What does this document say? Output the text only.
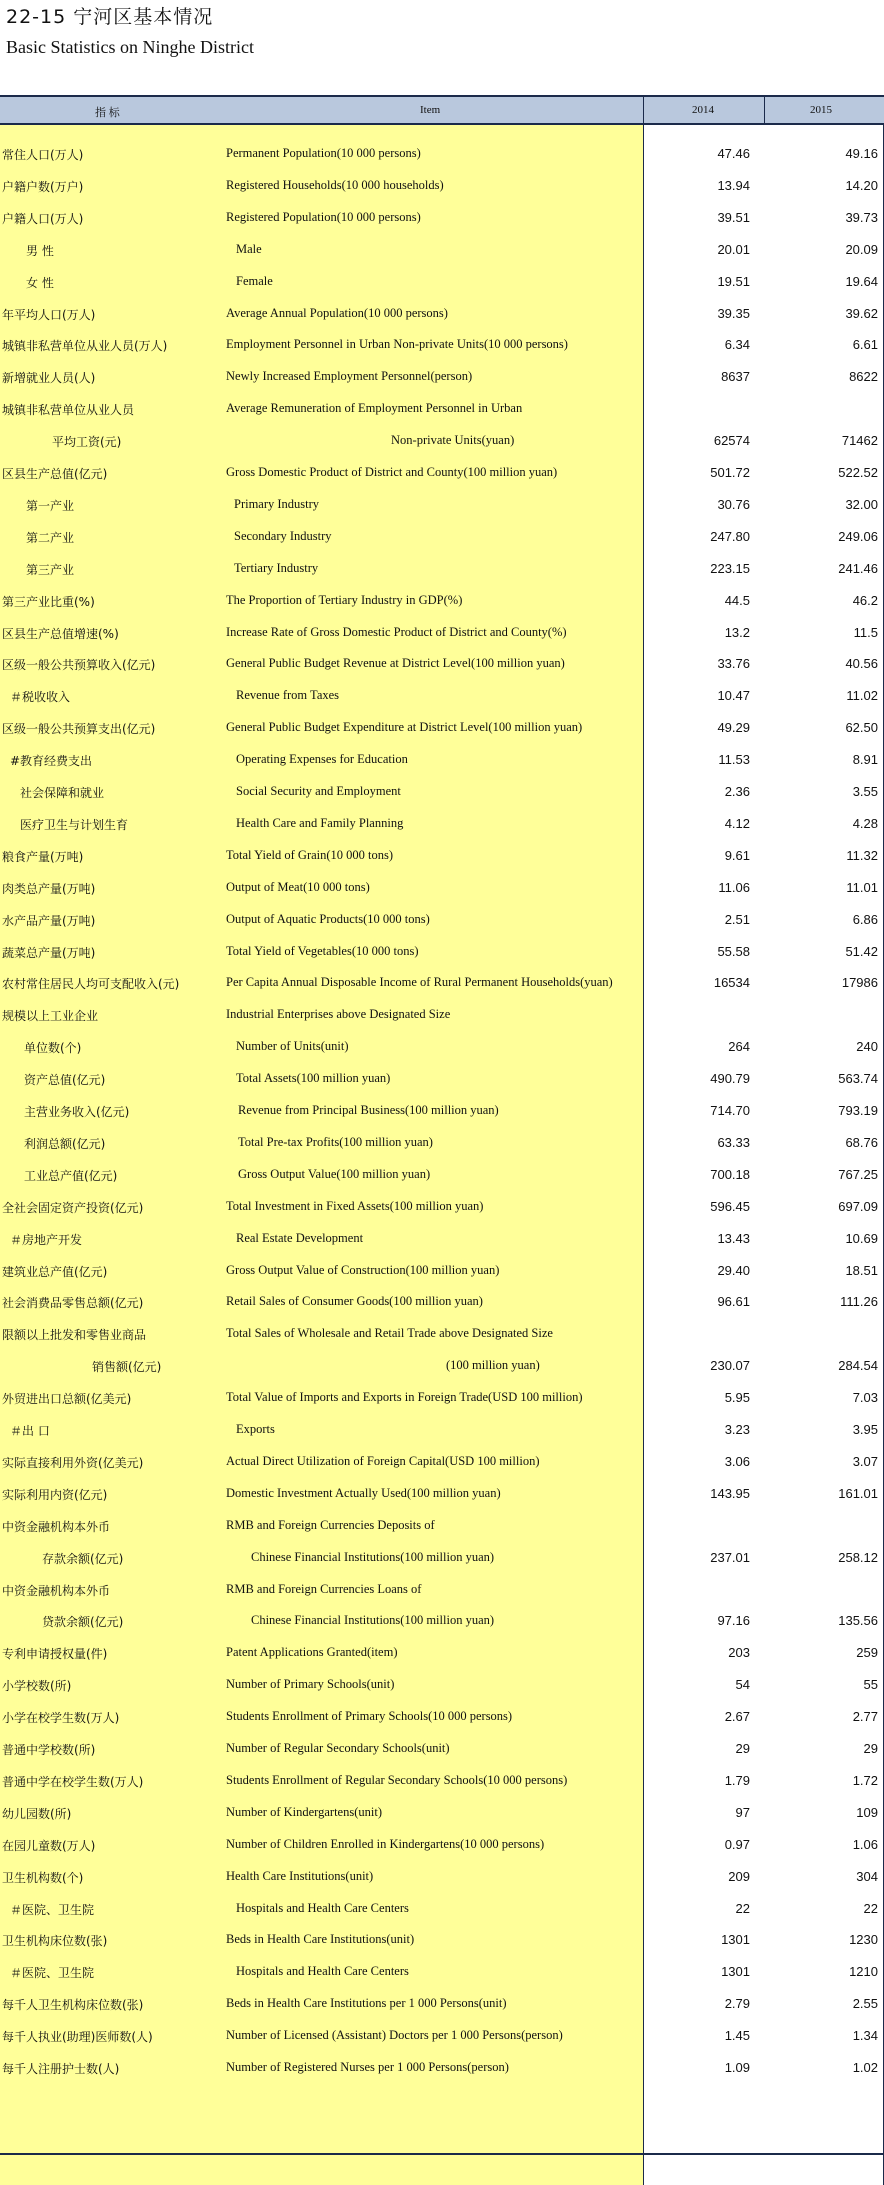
22-15 宁河区基本情况
Basic Statistics on Ninghe District
指 标	Item	2014	2015
常住人口(万人)	Permanent Population(10 000 persons)	47.46	49.16
户籍户数(万户)	Registered Households(10 000 households)	13.94	14.20
户籍人口(万人)	Registered Population(10 000 persons)	39.51	39.73
男 性	Male	20.01	20.09
女 性	Female	19.51	19.64
年平均人口(万人)	Average Annual Population(10 000 persons)	39.35	39.62
城镇非私营单位从业人员(万人)	Employment Personnel in Urban Non-private Units(10 000 persons)	6.34	6.61
新增就业人员(人)	Newly Increased Employment Personnel(person)	8637	8622
城镇非私营单位从业人员	Average Remuneration of Employment Personnel in Urban
平均工资(元)	Non-private Units(yuan)	62574	71462
区县生产总值(亿元)	Gross Domestic Product of District and County(100 million yuan)	501.72	522.52
第一产业	Primary Industry	30.76	32.00
第二产业	Secondary Industry	247.80	249.06
第三产业	Tertiary Industry	223.15	241.46
第三产业比重(%)	The Proportion of Tertiary Industry in GDP(%)	44.5	46.2
区县生产总值增速(%)	Increase Rate of Gross Domestic Product of District and County(%)	13.2	11.5
区级一般公共预算收入(亿元)	General Public Budget Revenue at District Level(100 million yuan)	33.76	40.56
＃税收收入	Revenue from Taxes	10.47	11.02
区级一般公共预算支出(亿元)	General Public Budget Expenditure at District Level(100 million yuan)	49.29	62.50
#教育经费支出	Operating Expenses for Education	11.53	8.91
社会保障和就业	Social Security and Employment	2.36	3.55
医疗卫生与计划生育	Health Care and Family Planning	4.12	4.28
粮食产量(万吨)	Total Yield of Grain(10 000 tons)	9.61	11.32
肉类总产量(万吨)	Output of Meat(10 000 tons)	11.06	11.01
水产品产量(万吨)	Output of Aquatic Products(10 000 tons)	2.51	6.86
蔬菜总产量(万吨)	Total Yield of Vegetables(10 000 tons)	55.58	51.42
农村常住居民人均可支配收入(元)	Per Capita Annual Disposable Income of Rural Permanent Households(yuan)	16534	17986
规模以上工业企业	Industrial Enterprises above Designated Size
单位数(个)	Number of Units(unit)	264	240
资产总值(亿元)	Total Assets(100 million yuan)	490.79	563.74
主营业务收入(亿元)	Revenue from Principal Business(100 million yuan)	714.70	793.19
利润总额(亿元)	Total Pre-tax Profits(100 million yuan)	63.33	68.76
工业总产值(亿元)	Gross Output Value(100 million yuan)	700.18	767.25
全社会固定资产投资(亿元)	Total Investment in Fixed Assets(100 million yuan)	596.45	697.09
＃房地产开发	Real Estate Development	13.43	10.69
建筑业总产值(亿元)	Gross Output Value of Construction(100 million yuan)	29.40	18.51
社会消费品零售总额(亿元)	Retail Sales of Consumer Goods(100 million yuan)	96.61	111.26
限额以上批发和零售业商品	Total Sales of Wholesale and Retail Trade above Designated Size
销售额(亿元)	(100 million yuan)	230.07	284.54
外贸进出口总额(亿美元)	Total Value of Imports and Exports in Foreign Trade(USD 100 million)	5.95	7.03
＃出 口	Exports	3.23	3.95
实际直接利用外资(亿美元)	Actual Direct Utilization of Foreign Capital(USD 100 million)	3.06	3.07
实际利用内资(亿元)	Domestic Investment Actually Used(100 million yuan)	143.95	161.01
中资金融机构本外币	RMB and Foreign Currencies Deposits of
存款余额(亿元)	Chinese Financial Institutions(100 million yuan)	237.01	258.12
中资金融机构本外币	RMB and Foreign Currencies Loans of
贷款余额(亿元)	Chinese Financial Institutions(100 million yuan)	97.16	135.56
专利申请授权量(件)	Patent Applications Granted(item)	203	259
小学校数(所)	Number of Primary Schools(unit)	54	55
小学在校学生数(万人)	Students Enrollment of Primary Schools(10 000 persons)	2.67	2.77
普通中学校数(所)	Number of Regular Secondary Schools(unit)	29	29
普通中学在校学生数(万人)	Students Enrollment of Regular Secondary Schools(10 000 persons)	1.79	1.72
幼儿园数(所)	Number of Kindergartens(unit)	97	109
在园儿童数(万人)	Number of Children Enrolled in Kindergartens(10 000 persons)	0.97	1.06
卫生机构数(个)	Health Care Institutions(unit)	209	304
＃医院、卫生院	Hospitals and Health Care Centers	22	22
卫生机构床位数(张)	Beds in Health Care Institutions(unit)	1301	1230
＃医院、卫生院	Hospitals and Health Care Centers	1301	1210
每千人卫生机构床位数(张)	Beds in Health Care Institutions per 1 000 Persons(unit)	2.79	2.55
每千人执业(助理)医师数(人)	Number of Licensed (Assistant) Doctors per 1 000 Persons(person)	1.45	1.34
每千人注册护士数(人)	Number of Registered Nurses per 1 000 Persons(person)	1.09	1.02
